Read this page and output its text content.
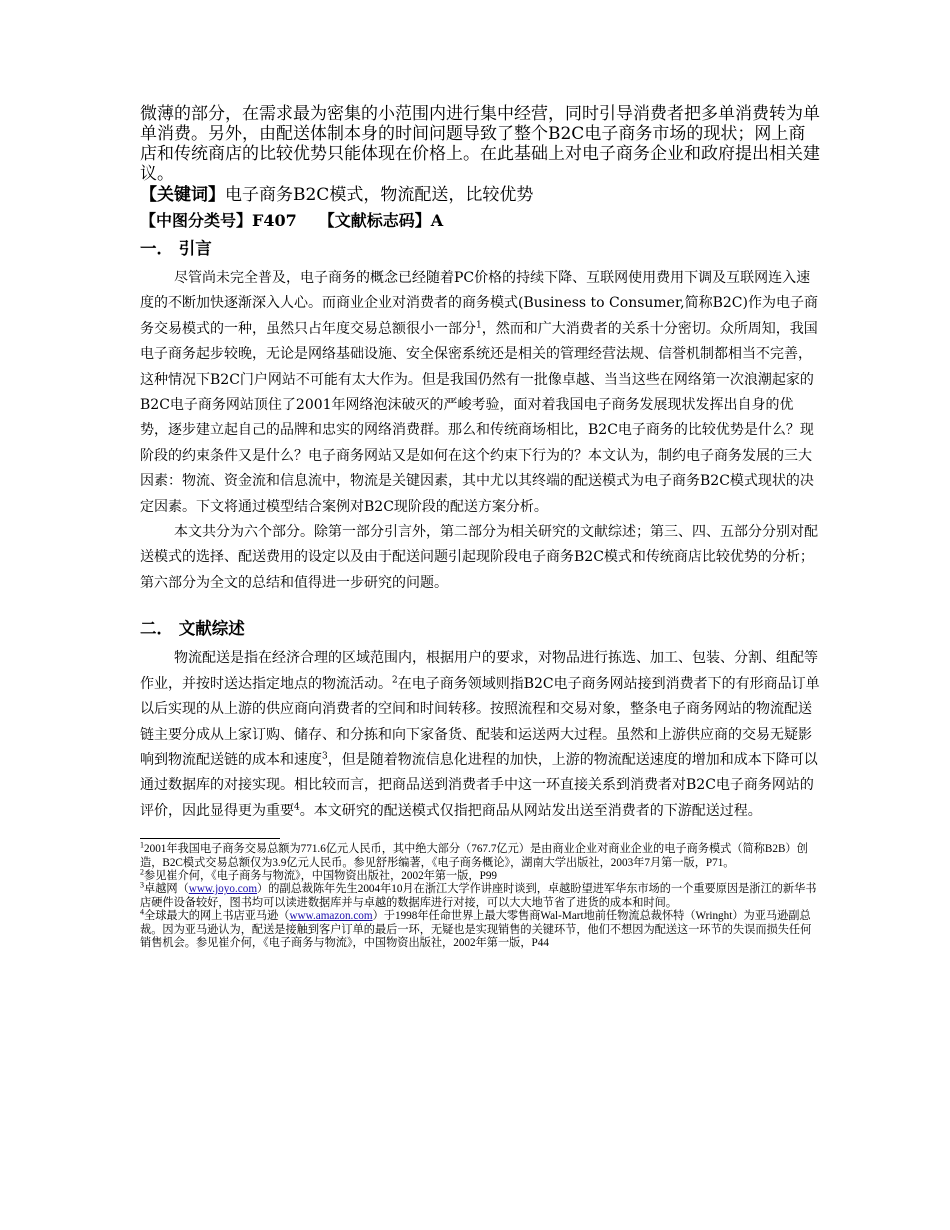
微薄的部分，在需求最为密集的小范围内进行集中经营，同时引导消费者把多单消费转为单单消费。另外，由配送体制本身的时间问题导致了整个B2C电子商务市场的现状；网上商店和传统商店的比较优势只能体现在价格上。在此基础上对电子商务企业和政府提出相关建议。

【关键词】电子商务B2C模式，物流配送，比较优势

【中图分类号】F407 【文献标志码】A

一． 引言

尽管尚未完全普及，电子商务的概念已经随着PC价格的持续下降、互联网使用费用下调及互联网连入速度的不断加快逐渐深入人心。而商业企业对消费者的商务模式(Business to Consumer,简称B2C)作为电子商务交易模式的一种，虽然只占年度交易总额很小一部分$^1$，然而和广大消费者的关系十分密切。众所周知，我国电子商务起步较晚，无论是网络基础设施、安全保密系统还是相关的管理经营法规、信誉机制都相当不完善，这种情况下B2C门户网站不可能有太大作为。但是我国仍然有一批像卓越、当当这些在网络第一次浪潮起家的B2C电子商务网站顶住了2001年网络泡沫破灭的严峻考验，面对着我国电子商务发展现状发挥出自身的优势，逐步建立起自己的品牌和忠实的网络消费群。那么和传统商场相比，B2C电子商务的比较优势是什么？现阶段的约束条件又是什么？电子商务网站又是如何在这个约束下行为的？本文认为，制约电子商务发展的三大因素：物流、资金流和信息流中，物流是关键因素，其中尤以其终端的配送模式为电子商务B2C模式现状的决定因素。下文将通过模型结合案例对B2C现阶段的配送方案分析。

本文共分为六个部分。除第一部分引言外，第二部分为相关研究的文献综述；第三、四、五部分分别对配送模式的选择、配送费用的设定以及由于配送问题引起现阶段电子商务B2C模式和传统商店比较优势的分析；第六部分为全文的总结和值得进一步研究的问题。

二． 文献综述

物流配送是指在经济合理的区域范围内，根据用户的要求，对物品进行拣选、加工、包装、分割、组配等作业，并按时送达指定地点的物流活动。$^2$在电子商务领域则指B2C电子商务网站接到消费者下的有形商品订单以后实现的从上游的供应商向消费者的空间和时间转移。按照流程和交易对象，整条电子商务网站的物流配送链主要分成从上家订购、储存、和分拣和向下家备货、配装和运送两大过程。虽然和上游供应商的交易无疑影响到物流配送链的成本和速度$^3$，但是随着物流信息化进程的加快，上游的物流配送速度的增加和成本下降可以通过数据库的对接实现。相比较而言，把商品送到消费者手中这一环直接关系到消费者对B2C电子商务网站的评价，因此显得更为重要$^4$。本文研究的配送模式仅指把商品从网站发出送至消费者的下游配送过程。

$^1$2001年我国电子商务交易总额为771.6亿元人民币，其中绝大部分（767.7亿元）是由商业企业对商业企业的电子商务模式（简称B2B）创造，B2C模式交易总额仅为3.9亿元人民币。参见舒彤编著，《电子商务概论》，湖南大学出版社，2003年7月第一版，P71。

$^2$参见崔介何，《电子商务与物流》，中国物资出版社，2002年第一版，P99

$^3$卓越网（www.joyo.com）的副总裁陈年先生2004年10月在浙江大学作讲座时谈到，卓越盼望进军华东市场的一个重要原因是浙江的新华书店硬件设备较好，图书均可以读进数据库并与卓越的数据库进行对接，可以大大地节省了进货的成本和时间。

$^4$全球最大的网上书店亚马逊（www.amazon.com）于1998年任命世界上最大零售商Wal-Mart地前任物流总裁怀特（Wringht）为亚马逊副总裁。因为亚马逊认为，配送是接触到客户订单的最后一环，无疑也是实现销售的关键环节，他们不想因为配送这一环节的失误而损失任何销售机会。参见崔介何，《电子商务与物流》，中国物资出版社，2002年第一版，P44
